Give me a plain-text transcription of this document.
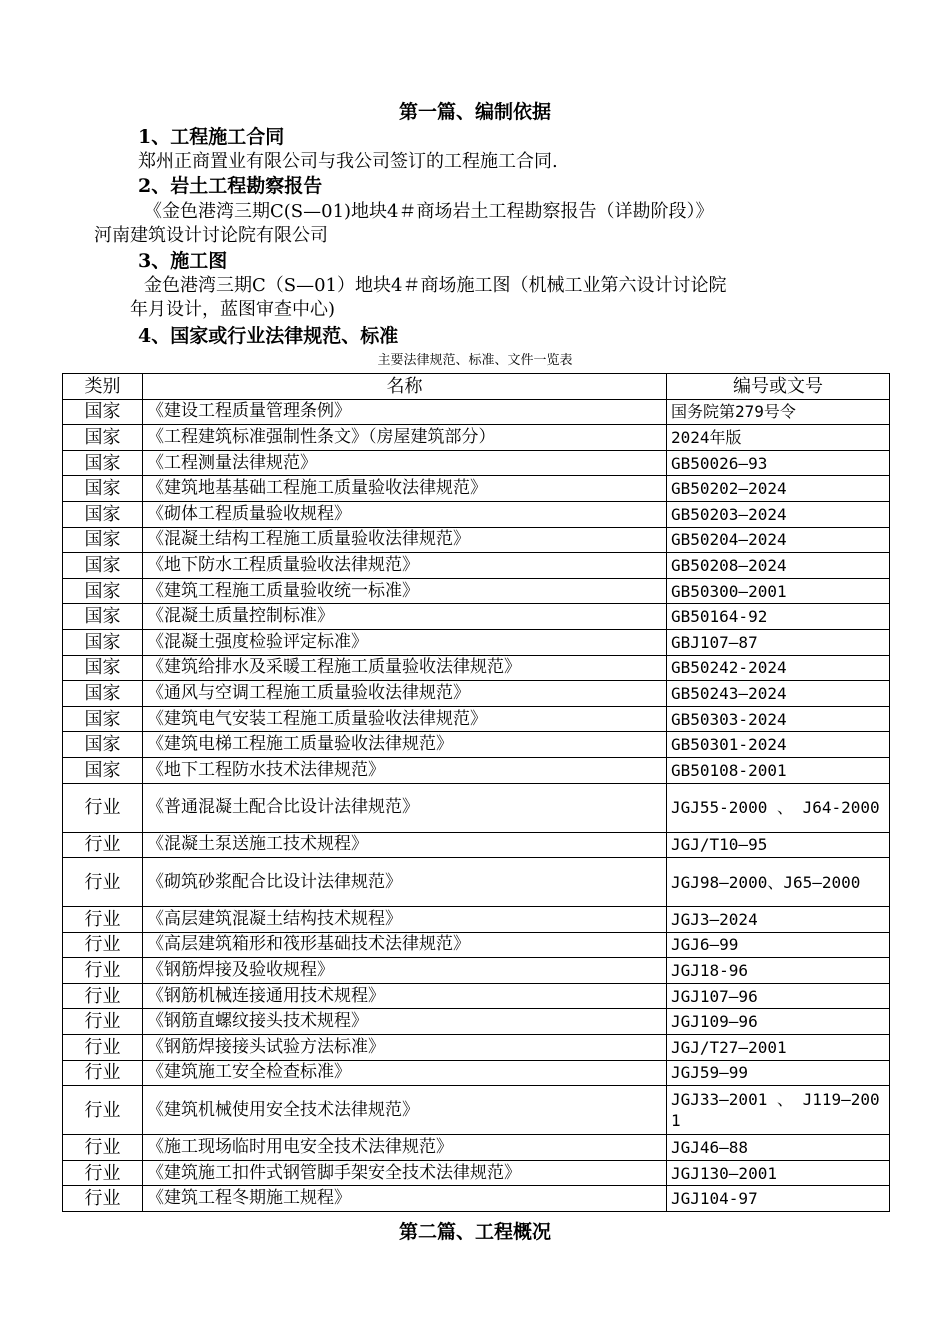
第一篇、编制依据
1、工程施工合同
郑州正商置业有限公司与我公司签订的工程施工合同.
2、岩土工程勘察报告
《金色港湾三期C(S—01)地块4＃商场岩土工程勘察报告（详勘阶段）》
河南建筑设计讨论院有限公司
3、施工图
金色港湾三期C（S—01）地块4＃商场施工图（机械工业第六设计讨论院
年月设计，蓝图审查中心)
4、国家或行业法律规范、标准
主要法律规范、标准、文件一览表
类别	名称	编号或文号
国家	《建设工程质量管理条例》	国务院第279号令
国家	《工程建筑标准强制性条文》（房屋建筑部分）	2024年版
国家	《工程测量法律规范》	GB50026—93
国家	《建筑地基基础工程施工质量验收法律规范》	GB50202—2024
国家	《砌体工程质量验收规程》	GB50203—2024
国家	《混凝土结构工程施工质量验收法律规范》	GB50204—2024
国家	《地下防水工程质量验收法律规范》	GB50208—2024
国家	《建筑工程施工质量验收统一标准》	GB50300—2001
国家	《混凝土质量控制标准》	GB50164-92
国家	《混凝土强度检验评定标准》	GBJ107—87
国家	《建筑给排水及采暖工程施工质量验收法律规范》	GB50242-2024
国家	《通风与空调工程施工质量验收法律规范》	GB50243—2024
国家	《建筑电气安装工程施工质量验收法律规范》	GB50303-2024
国家	《建筑电梯工程施工质量验收法律规范》	GB50301-2024
国家	《地下工程防水技术法律规范》	GB50108-2001
行业	《普通混凝土配合比设计法律规范》	JGJ55-2000 、 J64-2000
行业	《混凝土泵送施工技术规程》	JGJ/T10—95
行业	《砌筑砂浆配合比设计法律规范》	JGJ98—2000、J65—2000
行业	《高层建筑混凝土结构技术规程》	JGJ3—2024
行业	《高层建筑箱形和筏形基础技术法律规范》	JGJ6—99
行业	《钢筋焊接及验收规程》	JGJ18-96
行业	《钢筋机械连接通用技术规程》	JGJ107—96
行业	《钢筋直螺纹接头技术规程》	JGJ109—96
行业	《钢筋焊接接头试验方法标准》	JGJ/T27—2001
行业	《建筑施工安全检查标准》	JGJ59—99
行业	《建筑机械使用安全技术法律规范》	JGJ33—2001 、 J119—2001
行业	《施工现场临时用电安全技术法律规范》	JGJ46—88
行业	《建筑施工扣件式钢管脚手架安全技术法律规范》	JGJ130—2001
行业	《建筑工程冬期施工规程》	JGJ104-97
第二篇、工程概况
